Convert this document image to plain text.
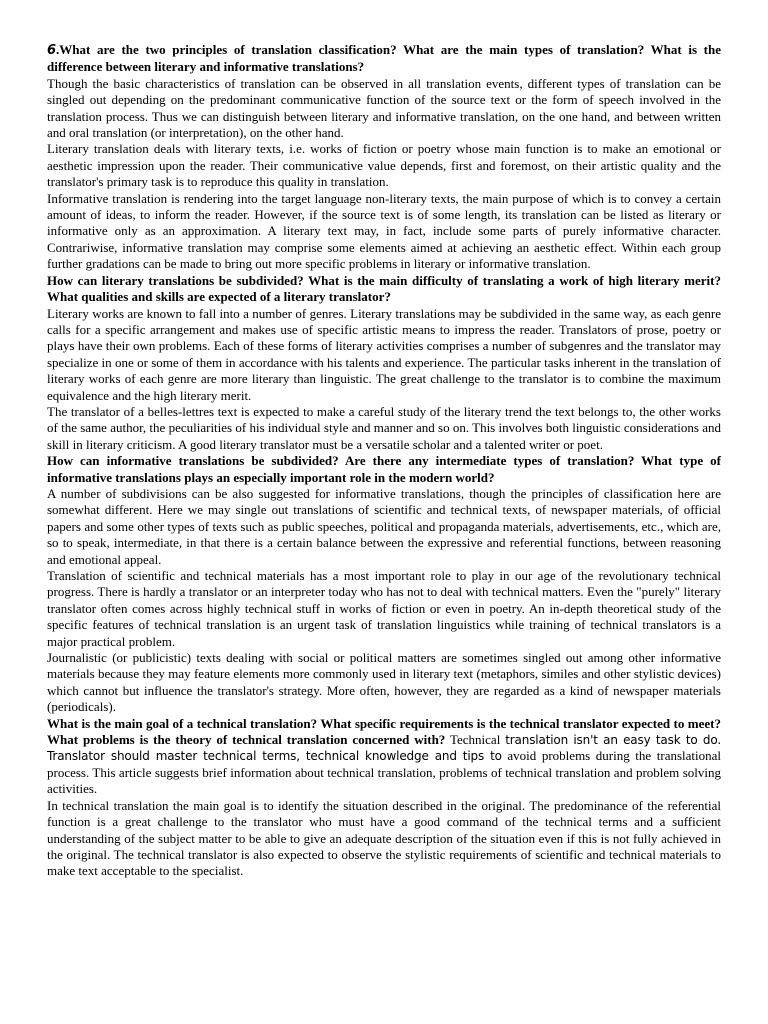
6.What are the two principles of translation classification? What are the main types of translation? What is the difference between literary and informative translations?

Though the basic characteristics of translation can be observed in all translation events, different types of translation can be singled out depending on the predominant communicative function of the source text or the form of speech involved in the translation process. Thus we can distinguish between literary and informative translation, on the one hand, and between written and oral translation (or interpretation), on the other hand.

Literary translation deals with literary texts, i.e. works of fiction or poetry whose main function is to make an emotional or aesthetic impression upon the reader. Their communicative value depends, first and foremost, on their artistic quality and the translator's primary task is to reproduce this quality in translation.

Informative translation is rendering into the target language non-literary texts, the main purpose of which is to convey a certain amount of ideas, to inform the reader. However, if the source text is of some length, its translation can be listed as literary or informative only as an approximation. A literary text may, in fact, include some parts of purely informative character. Contrariwise, informative translation may comprise some elements aimed at achieving an aesthetic effect. Within each group further gradations can be made to bring out more specific problems in literary or informative translation.

How can literary translations be subdivided? What is the main difficulty of translating a work of high literary merit? What qualities and skills are expected of a literary translator?

Literary works are known to fall into a number of genres. Literary translations may be subdivided in the same way, as each genre calls for a specific arrangement and makes use of specific artistic means to impress the reader. Translators of prose, poetry or plays have their own problems. Each of these forms of literary activities comprises a number of subgenres and the translator may specialize in one or some of them in accordance with his talents and experience. The particular tasks inherent in the translation of literary works of each genre are more literary than linguistic. The great challenge to the translator is to combine the maximum equivalence and the high literary merit.

The translator of a belles-lettres text is expected to make a careful study of the literary trend the text belongs to, the other works of the same author, the peculiarities of his individual style and manner and so on. This involves both linguistic considerations and skill in literary criticism. A good literary translator must be a versatile scholar and a talented writer or poet.

How can informative translations be subdivided? Are there any intermediate types of translation? What type of informative translations plays an especially important role in the modern world?

A number of subdivisions can be also suggested for informative translations, though the principles of classification here are somewhat different. Here we may single out translations of scientific and technical texts, of newspaper materials, of official papers and some other types of texts such as public speeches, political and propaganda materials, advertisements, etc., which are, so to speak, intermediate, in that there is a certain balance between the expressive and referential functions, between reasoning and emotional appeal.

Translation of scientific and technical materials has a most important role to play in our age of the revolutionary technical progress. There is hardly a translator or an interpreter today who has not to deal with technical matters. Even the "purely" literary translator often comes across highly technical stuff in works of fiction or even in poetry. An in-depth theoretical study of the specific features of technical translation is an urgent task of translation linguistics while training of technical translators is a major practical problem.

Journalistic (or publicistic) texts dealing with social or political matters are sometimes singled out among other informative materials because they may feature elements more commonly used in literary text (metaphors, similes and other stylistic devices) which cannot but influence the translator's strategy. More often, however, they are regarded as a kind of newspaper materials (periodicals).

What is the main goal of a technical translation? What specific requirements is the technical translator expected to meet? What problems is the theory of technical translation concerned with? Technical translation isn't an easy task to do. Translator should master technical terms, technical knowledge and tips to avoid problems during the translational process. This article suggests brief information about technical translation, problems of technical translation and problem solving activities.

In technical translation the main goal is to identify the situation described in the original. The predominance of the referential function is a great challenge to the translator who must have a good command of the technical terms and a sufficient understanding of the subject matter to be able to give an adequate description of the situation even if this is not fully achieved in the original. The technical translator is also expected to observe the stylistic requirements of scientific and technical materials to make text acceptable to the specialist.
